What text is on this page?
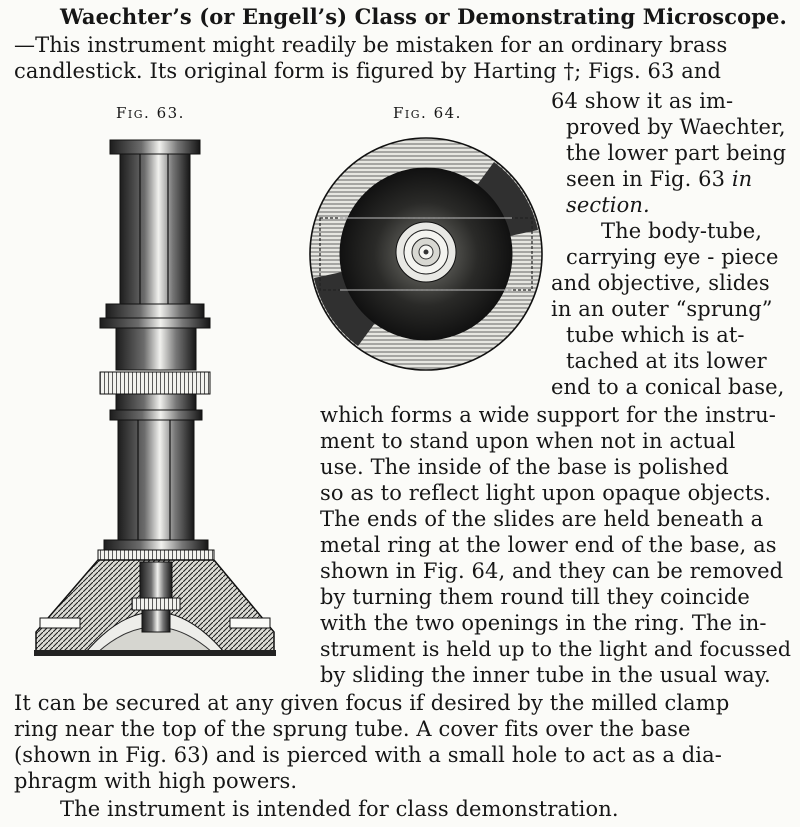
Waechter’s (or Engell’s) Class or Demonstrating Microscope.
—This instrument might readily be mistaken for an ordinary brass
candlestick. Its original form is figured by Harting †; Figs. 63 and
Fig. 63.	Fig. 64.	64 show it as im-
proved by Waechter,
the lower part being
seen in Fig. 63 in
section.
The body-tube,
carrying eye - piece
and objective, slides
in an outer “sprung”
tube which is at-
tached at its lower
end to a conical base,
which forms a wide support for the instru-
ment to stand upon when not in actual
use. The inside of the base is polished
so as to reflect light upon opaque objects.
The ends of the slides are held beneath a
metal ring at the lower end of the base, as
shown in Fig. 64, and they can be removed
by turning them round till they coincide
with the two openings in the ring. The in-
strument is held up to the light and focussed
by sliding the inner tube in the usual way.
It can be secured at any given focus if desired by the milled clamp
ring near the top of the sprung tube. A cover fits over the base
(shown in Fig. 63) and is pierced with a small hole to act as a dia-
phragm with high powers.
The instrument is intended for class demonstration.
